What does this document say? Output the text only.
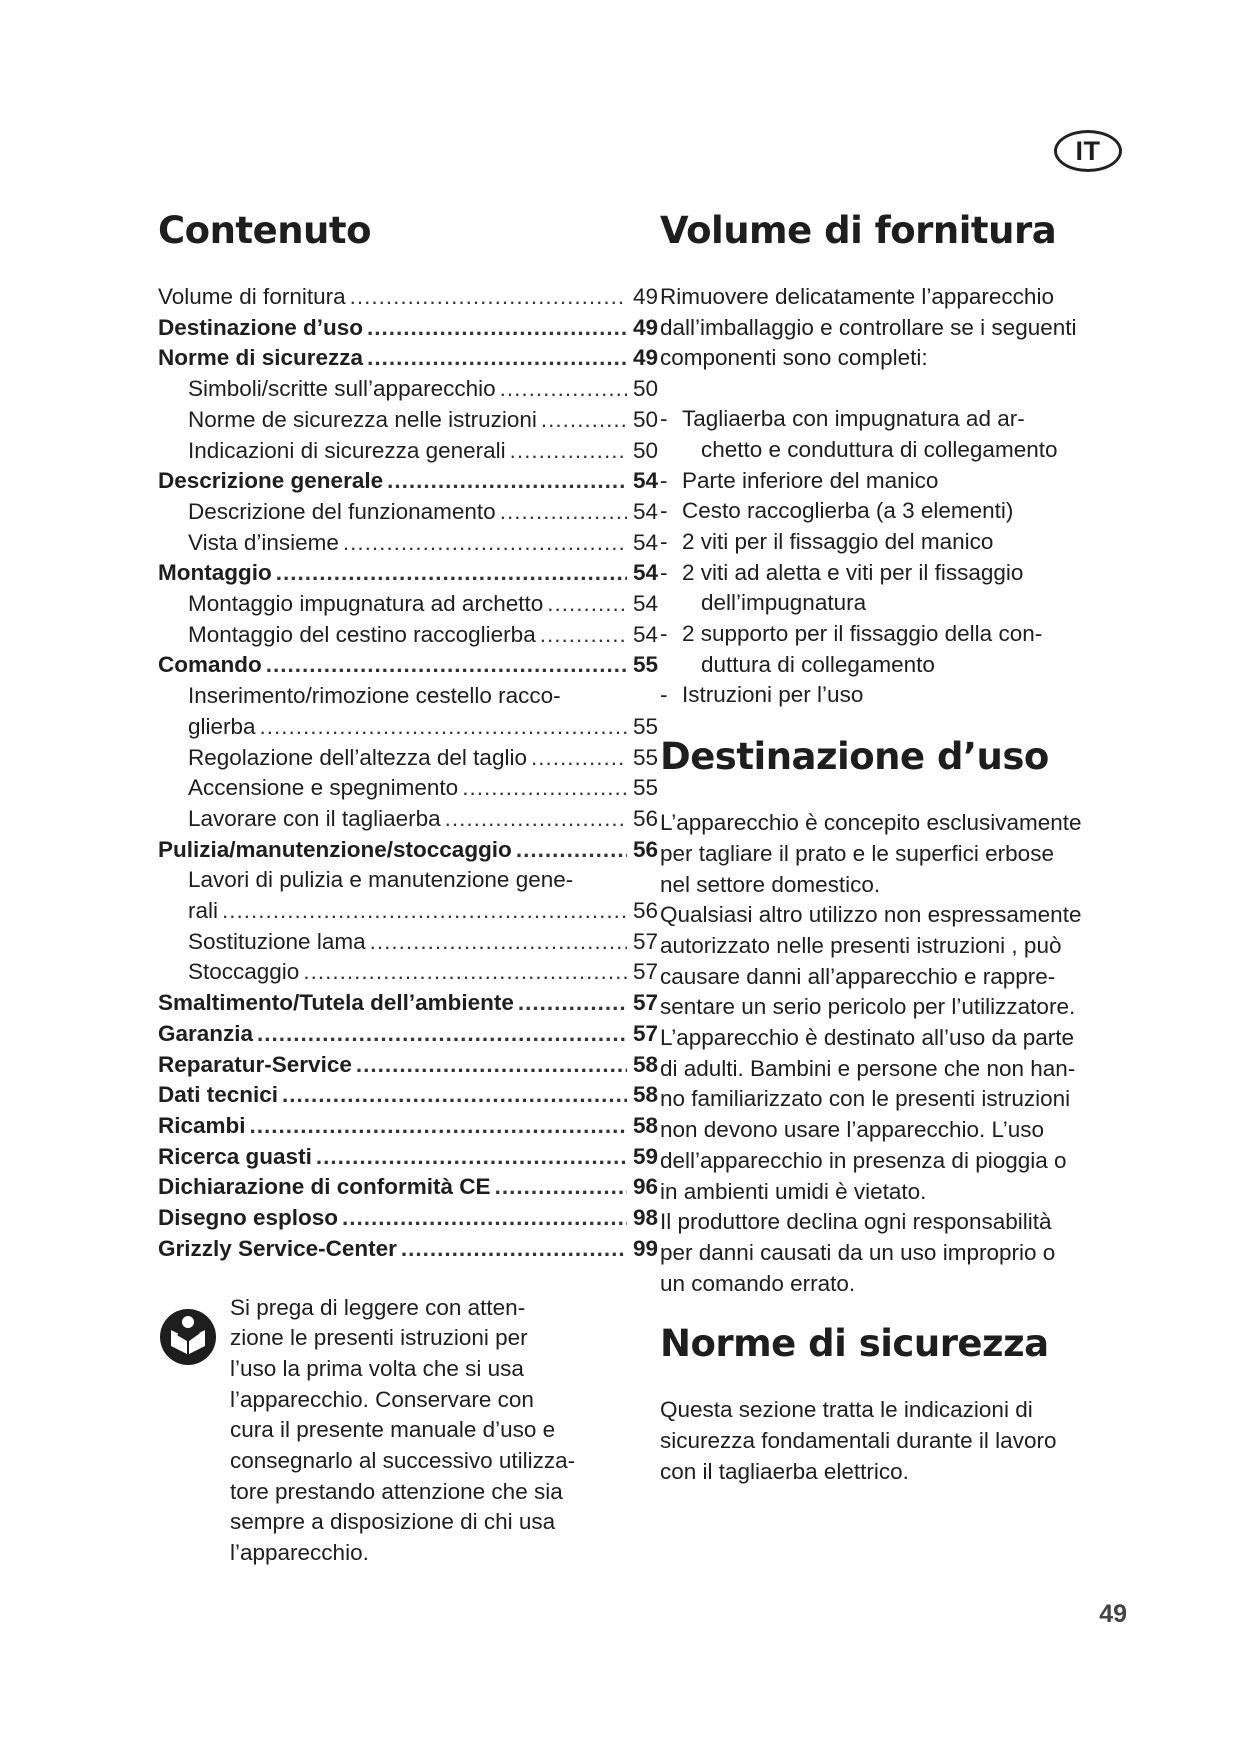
IT
Contenuto
Volume di fornitura .....	49
Destinazione d’uso .....	49
Norme di sicurezza .....	49
Simboli/scritte sull’apparecchio .....	50
Norme de sicurezza nelle istruzioni .....	50
Indicazioni di sicurezza generali .....	50
Descrizione generale .....	54
Descrizione del funzionamento .....	54
Vista d’insieme .....	54
Montaggio .....	54
Montaggio impugnatura ad archetto .....	54
Montaggio del cestino raccoglierba .....	54
Comando .....	55
Inserimento/rimozione cestello racco-
glierba .....	55
Regolazione dell’altezza del taglio .....	55
Accensione e spegnimento .....	55
Lavorare con il tagliaerba .....	56
Pulizia/manutenzione/stoccaggio .....	56
Lavori di pulizia e manutenzione gene-
rali .....	56
Sostituzione lama .....	57
Stoccaggio .....	57
Smaltimento/Tutela dell’ambiente .....	57
Garanzia .....	57
Reparatur-Service .....	58
Dati tecnici .....	58
Ricambi .....	58
Ricerca guasti .....	59
Dichiarazione di conformità CE .....	96
Disegno esploso .....	98
Grizzly Service-Center .....	99
Si prega di leggere con atten-
zione le presenti istruzioni per
l’uso la prima volta che si usa
l’apparecchio. Conservare con
cura il presente manuale d’uso e
consegnarlo al successivo utilizza-
tore prestando attenzione che sia
sempre a disposizione di chi usa
l’apparecchio.
Volume di fornitura
Rimuovere delicatamente l’apparecchio
dall’imballaggio e controllare se i seguenti
componenti sono completi:
- Tagliaerba con impugnatura ad ar-
chetto e conduttura di collegamento
- Parte inferiore del manico
- Cesto raccoglierba (a 3 elementi)
- 2 viti per il fissaggio del manico
- 2 viti ad aletta e viti per il fissaggio
dell’impugnatura
- 2 supporto per il fissaggio della con-
duttura di collegamento
- Istruzioni per l’uso
Destinazione d’uso
L’apparecchio è concepito esclusivamente
per tagliare il prato e le superfici erbose
nel settore domestico.
Qualsiasi altro utilizzo non espressamente
autorizzato nelle presenti istruzioni , può
causare danni all’apparecchio e rappre-
sentare un serio pericolo per l’utilizzatore.
L’apparecchio è destinato all’uso da parte
di adulti. Bambini e persone che non han-
no familiarizzato con le presenti istruzioni
non devono usare l’apparecchio. L’uso
dell’apparecchio in presenza di pioggia o
in ambienti umidi è vietato.
Il produttore declina ogni responsabilità
per danni causati da un uso improprio o
un comando errato.
Norme di sicurezza
Questa sezione tratta le indicazioni di
sicurezza fondamentali durante il lavoro
con il tagliaerba elettrico.
49
